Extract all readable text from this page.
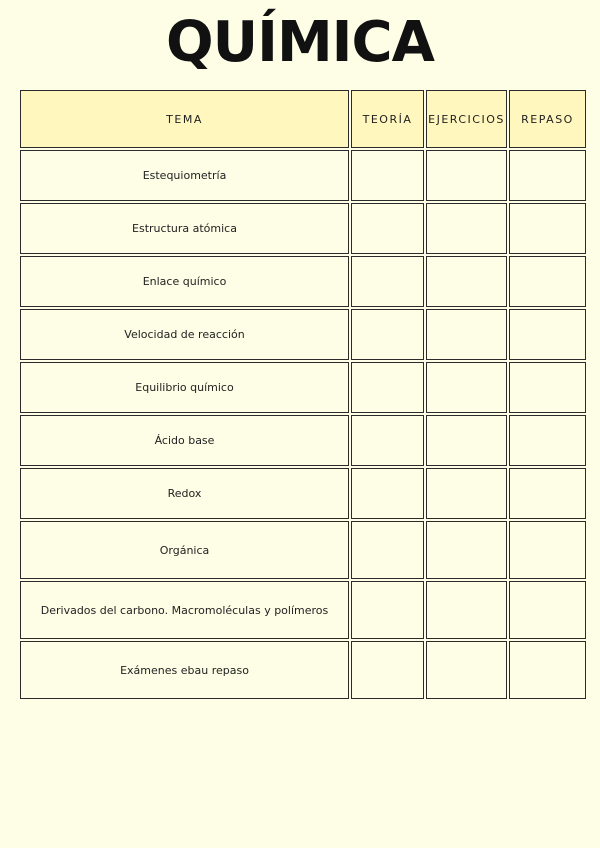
QUÍMICA
TEMA	TEORÍA	EJERCICIOS	REPASO
Estequiometría
Estructura atómica
Enlace químico
Velocidad de reacción
Equilibrio químico
Ácido base
Redox
Orgánica
Derivados del carbono. Macromoléculas y polímeros
Exámenes ebau repaso
